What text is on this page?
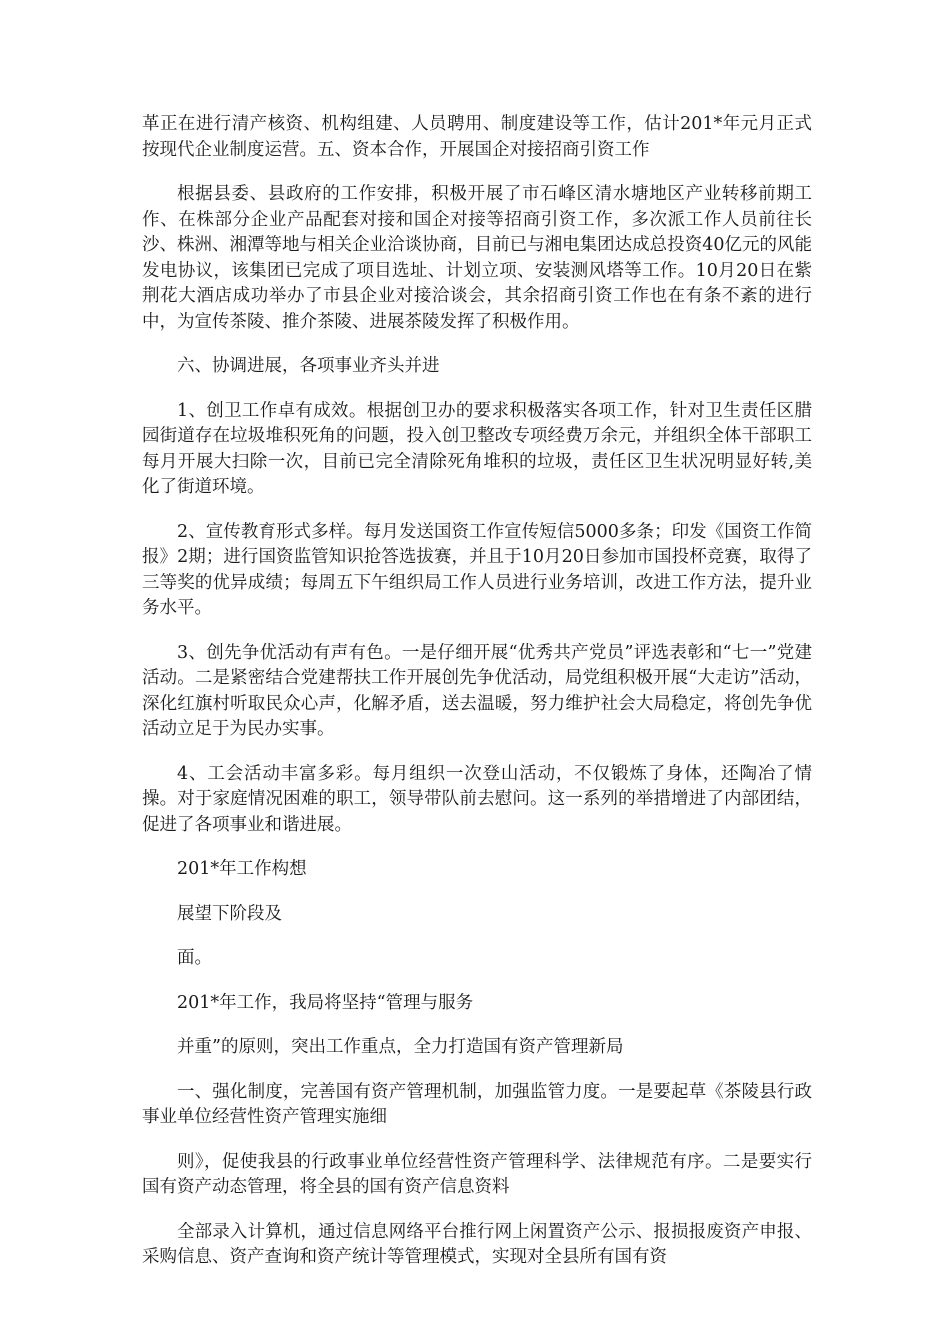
革正在进行清产核资、机构组建、人员聘用、制度建设等工作，估计201*年元月正式按现代企业制度运营。五、资本合作，开展国企对接招商引资工作

根据县委、县政府的工作安排，积极开展了市石峰区清水塘地区产业转移前期工作、在株部分企业产品配套对接和国企对接等招商引资工作，多次派工作人员前往长沙、株洲、湘潭等地与相关企业洽谈协商，目前已与湘电集团达成总投资40亿元的风能发电协议，该集团已完成了项目选址、计划立项、安装测风塔等工作。10月20日在紫荆花大酒店成功举办了市县企业对接洽谈会，其余招商引资工作也在有条不紊的进行中，为宣传茶陵、推介茶陵、进展茶陵发挥了积极作用。

六、协调进展，各项事业齐头并进

1、创卫工作卓有成效。根据创卫办的要求积极落实各项工作，针对卫生责任区腊园街道存在垃圾堆积死角的问题，投入创卫整改专项经费万余元，并组织全体干部职工每月开展大扫除一次，目前已完全清除死角堆积的垃圾，责任区卫生状况明显好转,美化了街道环境。

2、宣传教育形式多样。每月发送国资工作宣传短信5000多条；印发《国资工作简报》2期；进行国资监管知识抢答选拔赛，并且于10月20日参加市国投杯竞赛，取得了三等奖的优异成绩；每周五下午组织局工作人员进行业务培训，改进工作方法，提升业务水平。

3、创先争优活动有声有色。一是仔细开展“优秀共产党员”评选表彰和“七一”党建活动。二是紧密结合党建帮扶工作开展创先争优活动，局党组积极开展“大走访”活动，深化红旗村听取民众心声，化解矛盾，送去温暖，努力维护社会大局稳定，将创先争优活动立足于为民办实事。

4、工会活动丰富多彩。每月组织一次登山活动，不仅锻炼了身体，还陶冶了情操。对于家庭情况困难的职工，领导带队前去慰问。这一系列的举措增进了内部团结，促进了各项事业和谐进展。

201*年工作构想

展望下阶段及

面。

201*年工作，我局将坚持“管理与服务

并重”的原则，突出工作重点，全力打造国有资产管理新局

一、强化制度，完善国有资产管理机制，加强监管力度。一是要起草《茶陵县行政事业单位经营性资产管理实施细

则》，促使我县的行政事业单位经营性资产管理科学、法律规范有序。二是要实行国有资产动态管理，将全县的国有资产信息资料

全部录入计算机，通过信息网络平台推行网上闲置资产公示、报损报废资产申报、采购信息、资产查询和资产统计等管理模式，实现对全县所有国有资
